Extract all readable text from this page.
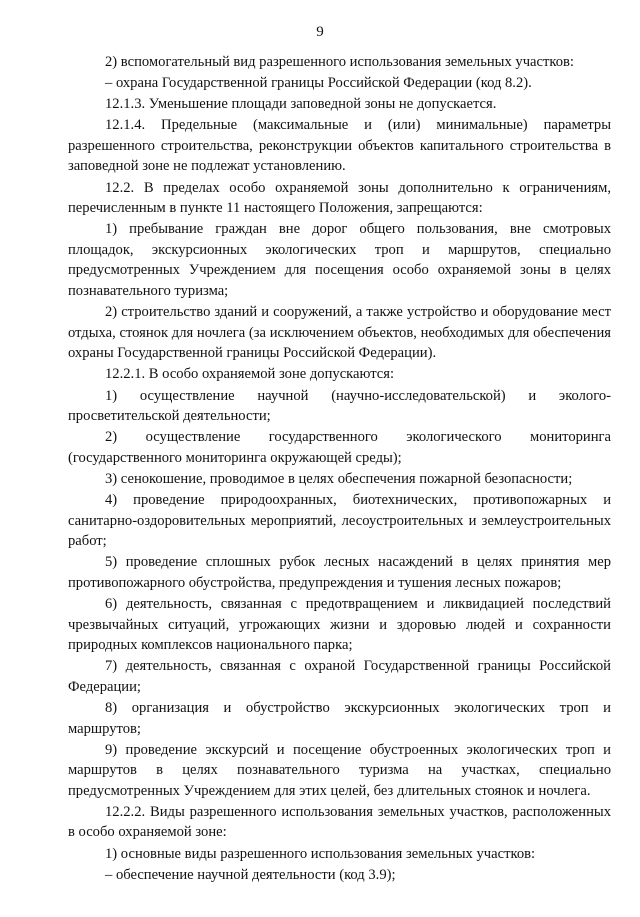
9

2) вспомогательный вид разрешенного использования земельных участков:

– охрана Государственной границы Российской Федерации (код 8.2).

12.1.3. Уменьшение площади заповедной зоны не допускается.

12.1.4. Предельные (максимальные и (или) минимальные) параметры разрешенного строительства, реконструкции объектов капитального строительства в заповедной зоне не подлежат установлению.

12.2. В пределах особо охраняемой зоны дополнительно к ограничениям, перечисленным в пункте 11 настоящего Положения, запрещаются:

1) пребывание граждан вне дорог общего пользования, вне смотровых площадок, экскурсионных экологических троп и маршрутов, специально предусмотренных Учреждением для посещения особо охраняемой зоны в целях познавательного туризма;

2) строительство зданий и сооружений, а также устройство и оборудование мест отдыха, стоянок для ночлега (за исключением объектов, необходимых для обеспечения охраны Государственной границы Российской Федерации).

12.2.1. В особо охраняемой зоне допускаются:

1) осуществление научной (научно-исследовательской) и эколого-просветительской деятельности;

2) осуществление государственного экологического мониторинга (государственного мониторинга окружающей среды);

3) сенокошение, проводимое в целях обеспечения пожарной безопасности;

4) проведение природоохранных, биотехнических, противопожарных и санитарно-оздоровительных мероприятий, лесоустроительных и землеустроительных работ;

5) проведение сплошных рубок лесных насаждений в целях принятия мер противопожарного обустройства, предупреждения и тушения лесных пожаров;

6) деятельность, связанная с предотвращением и ликвидацией последствий чрезвычайных ситуаций, угрожающих жизни и здоровью людей и сохранности природных комплексов национального парка;

7) деятельность, связанная с охраной Государственной границы Российской Федерации;

8) организация и обустройство экскурсионных экологических троп и маршрутов;

9) проведение экскурсий и посещение обустроенных экологических троп и маршрутов в целях познавательного туризма на участках, специально предусмотренных Учреждением для этих целей, без длительных стоянок и ночлега.

12.2.2. Виды разрешенного использования земельных участков, расположенных в особо охраняемой зоне:

1) основные виды разрешенного использования земельных участков:

– обеспечение научной деятельности (код 3.9);
